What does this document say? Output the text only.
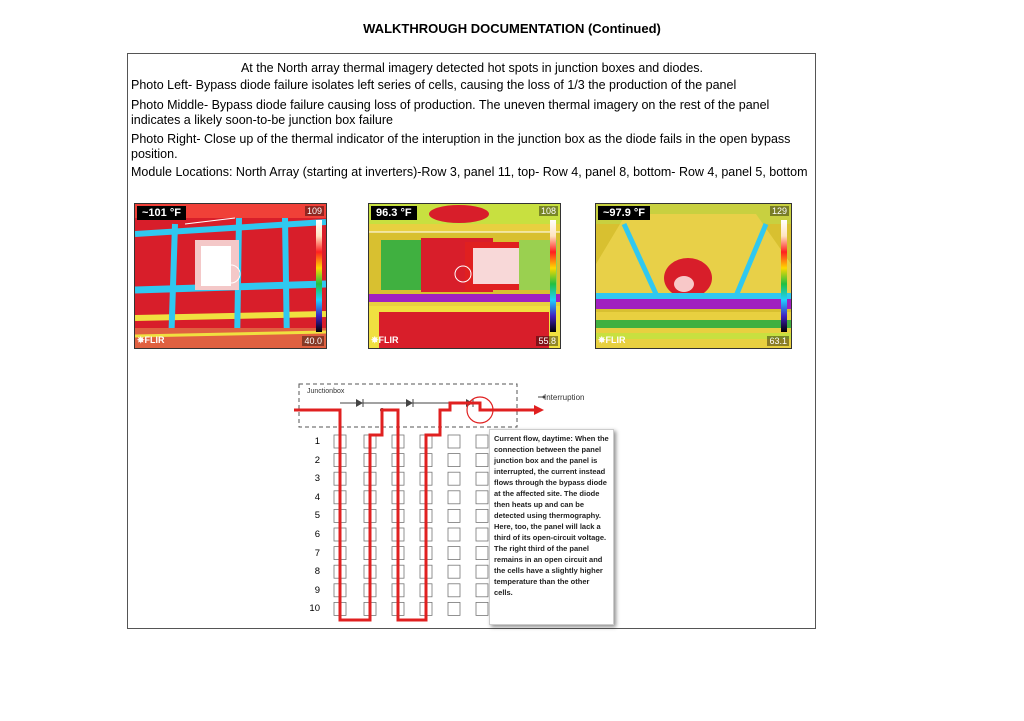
WALKTHROUGH DOCUMENTATION (Continued)
At the North array thermal imagery detected hot spots in junction boxes and diodes.
Photo Left- Bypass diode failure isolates left series of cells, causing the loss of 1/3 the production of the panel
Photo Middle- Bypass diode failure causing loss of production. The uneven thermal imagery on the rest of the panel indicates a likely soon-to-be junction box failure
Photo Right- Close up of the thermal indicator of the interuption in the junction box as the diode fails in the open bypass position.
Module Locations: North Array (starting at inverters)-Row 3, panel 11, top- Row 4, panel 8, bottom- Row 4, panel 5, bottom
~101 °F	109
40.0
✵FLIR
96.3 °F	108
55.8
✵FLIR
~97.9 °F	129
63.1
✵FLIR
Junctionbox
Interruption
1
2
3
4
5
6
7
8
9
10
Current flow, daytime: When the connection between the panel junction box and the panel is interrupted, the current instead flows through the bypass diode at the affected site. The diode then heats up and can be detected using thermography. Here, too, the panel will lack a third of its open-circuit voltage. The right third of the panel remains in an open circuit and the cells have a slightly higher temperature than the other cells.
